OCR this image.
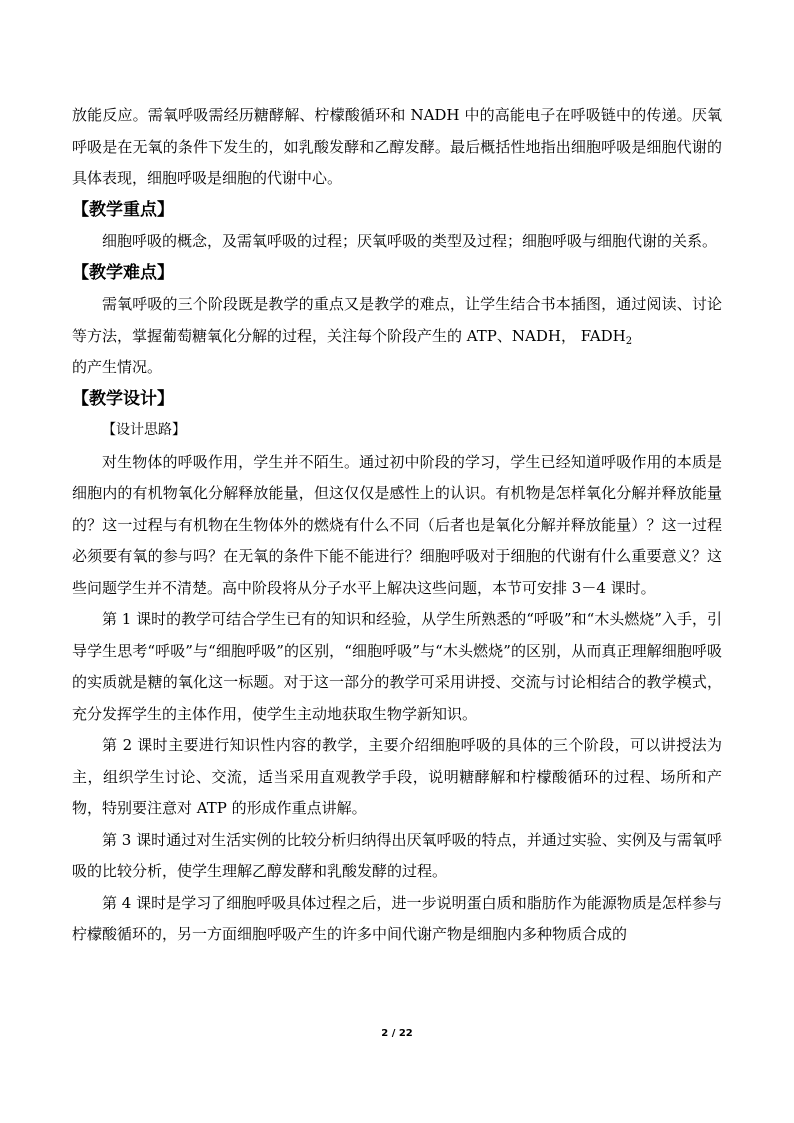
放能反应。需氧呼吸需经历糖酵解、柠檬酸循环和 NADH 中的高能电子在呼吸链中的传递。厌氧呼吸是在无氧的条件下发生的，如乳酸发酵和乙醇发酵。最后概括性地指出细胞呼吸是细胞代谢的具体表现，细胞呼吸是细胞的代谢中心。

【教学重点】

细胞呼吸的概念，及需氧呼吸的过程；厌氧呼吸的类型及过程；细胞呼吸与细胞代谢的关系。

【教学难点】

需氧呼吸的三个阶段既是教学的重点又是教学的难点，让学生结合书本插图，通过阅读、讨论等方法，掌握葡萄糖氧化分解的过程，关注每个阶段产生的 ATP、NADH， $FADH_2$
的产生情况。

【教学设计】

【设计思路】

对生物体的呼吸作用，学生并不陌生。通过初中阶段的学习，学生已经知道呼吸作用的本质是细胞内的有机物氧化分解释放能量，但这仅仅是感性上的认识。有机物是怎样氧化分解并释放能量的？这一过程与有机物在生物体外的燃烧有什么不同（后者也是氧化分解并释放能量）？这一过程必须要有氧的参与吗？在无氧的条件下能不能进行？细胞呼吸对于细胞的代谢有什么重要意义？这些问题学生并不清楚。高中阶段将从分子水平上解决这些问题，本节可安排 3－4 课时。

第 1 课时的教学可结合学生已有的知识和经验，从学生所熟悉的“呼吸”和“木头燃烧”入手，引导学生思考“呼吸”与“细胞呼吸”的区别，“细胞呼吸”与“木头燃烧”的区别，从而真正理解细胞呼吸的实质就是糖的氧化这一标题。对于这一部分的教学可采用讲授、交流与讨论相结合的教学模式，充分发挥学生的主体作用，使学生主动地获取生物学新知识。

第 2 课时主要进行知识性内容的教学，主要介绍细胞呼吸的具体的三个阶段，可以讲授法为主，组织学生讨论、交流，适当采用直观教学手段，说明糖酵解和柠檬酸循环的过程、场所和产物，特别要注意对 ATP 的形成作重点讲解。

第 3 课时通过对生活实例的比较分析归纳得出厌氧呼吸的特点，并通过实验、实例及与需氧呼吸的比较分析，使学生理解乙醇发酵和乳酸发酵的过程。

第 4 课时是学习了细胞呼吸具体过程之后，进一步说明蛋白质和脂肪作为能源物质是怎样参与柠檬酸循环的，另一方面细胞呼吸产生的许多中间代谢产物是细胞内多种物质合成的

2 / 22
